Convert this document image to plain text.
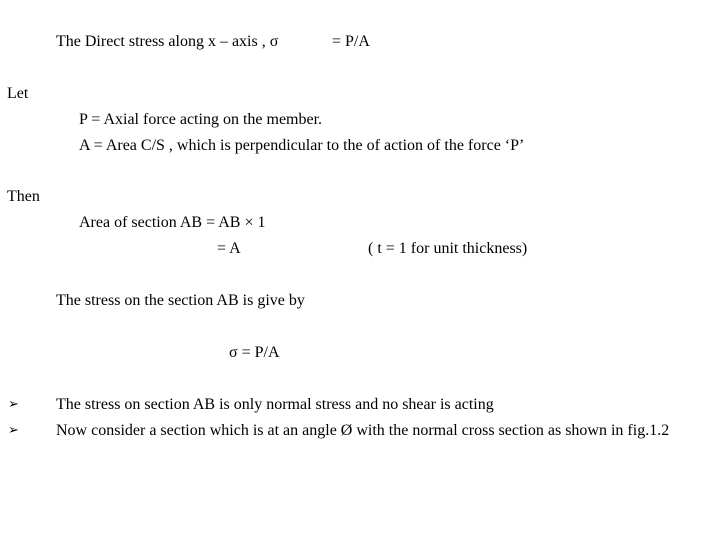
The Direct stress along x – axis , σ	= P/A
Let
P = Axial force acting on the member.
A = Area C/S , which is perpendicular to the of action of the force ‘P’
Then
Area of section AB = AB × 1
= A	( t = 1 for unit thickness)
The stress on the section AB is give by
σ = P/A
➢ The stress on section AB is only normal stress and no shear is acting
➢ Now consider a section which is at an angle Ø with the normal cross section as shown in fig.1.2
